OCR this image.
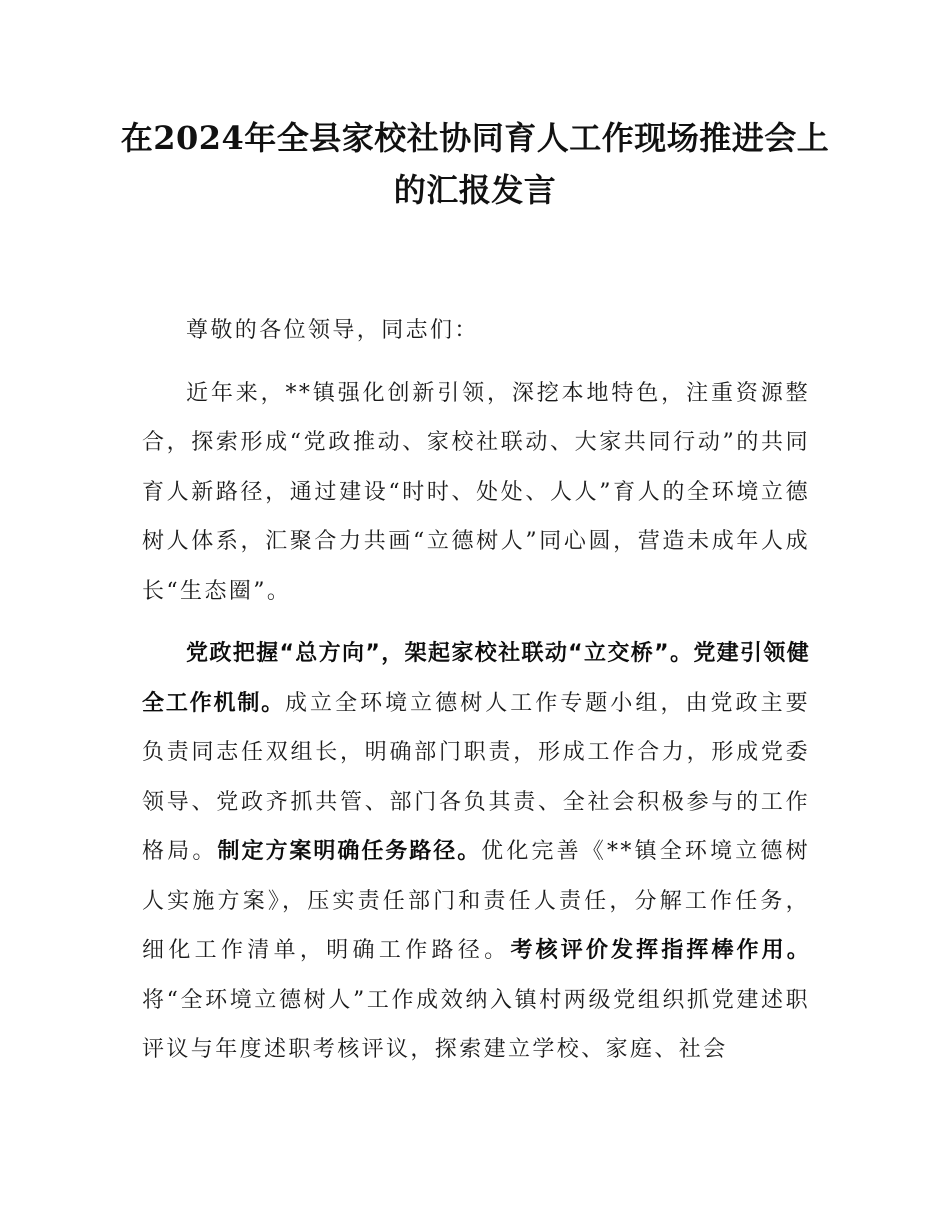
在2024年全县家校社协同育人工作现场推进会上的汇报发言

尊敬的各位领导，同志们：

近年来，**镇强化创新引领，深挖本地特色，注重资源整合，探索形成“党政推动、家校社联动、大家共同行动”的共同育人新路径，通过建设“时时、处处、人人”育人的全环境立德树人体系，汇聚合力共画“立德树人”同心圆，营造未成年人成长“生态圈”。

党政把握“总方向”，架起家校社联动“立交桥”。党建引领健全工作机制。成立全环境立德树人工作专题小组，由党政主要负责同志任双组长，明确部门职责，形成工作合力，形成党委领导、党政齐抓共管、部门各负其责、全社会积极参与的工作格局。制定方案明确任务路径。优化完善《**镇全环境立德树人实施方案》，压实责任部门和责任人责任，分解工作任务，细化工作清单，明确工作路径。考核评价发挥指挥棒作用。将“全环境立德树人”工作成效纳入镇村两级党组织抓党建述职评议与年度述职考核评议，探索建立学校、家庭、社会
